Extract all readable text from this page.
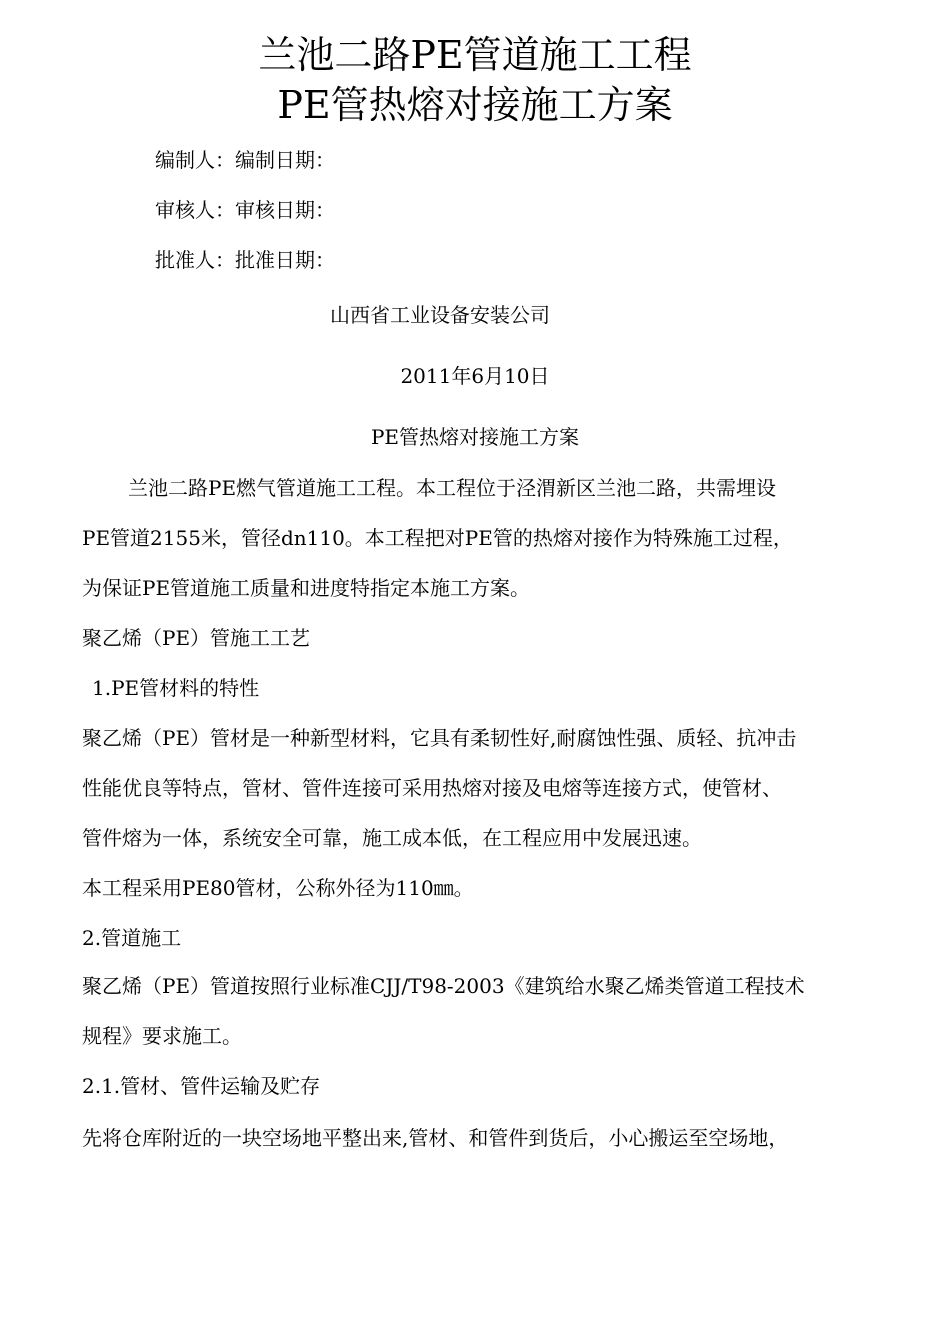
兰池二路PE管道施工工程
PE管热熔对接施工方案
编制人：编制日期：
审核人：审核日期：
批准人：批准日期：
山西省工业设备安装公司
2011年6月10日
PE管热熔对接施工方案
兰池二路PE燃气管道施工工程。本工程位于泾渭新区兰池二路，共需埋设
PE管道2155米，管径dn110。本工程把对PE管的热熔对接作为特殊施工过程，
为保证PE管道施工质量和进度特指定本施工方案。
聚乙烯（PE）管施工工艺
1.PE管材料的特性
聚乙烯（PE）管材是一种新型材料，它具有柔韧性好,耐腐蚀性强、质轻、抗冲击
性能优良等特点，管材、管件连接可采用热熔对接及电熔等连接方式，使管材、
管件熔为一体，系统安全可靠，施工成本低，在工程应用中发展迅速。
本工程采用PE80管材，公称外径为110㎜。
2.管道施工
聚乙烯（PE）管道按照行业标准CJJ/T98-2003《建筑给水聚乙烯类管道工程技术
规程》要求施工。
2.1.管材、管件运输及贮存
先将仓库附近的一块空场地平整出来,管材、和管件到货后，小心搬运至空场地，
